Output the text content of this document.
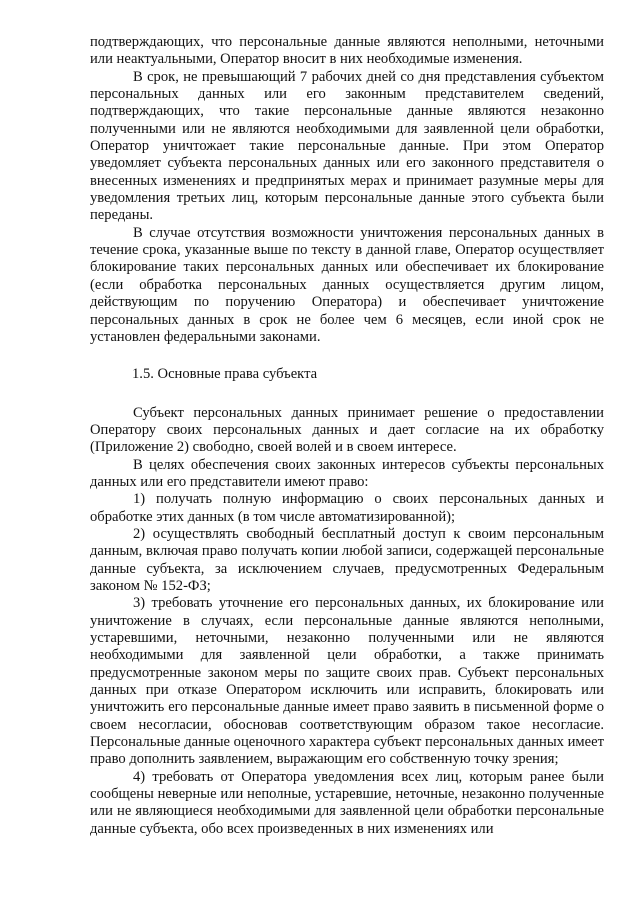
подтверждающих, что персональные данные являются неполными, неточными или неактуальными, Оператор вносит в них необходимые изменения.

В срок, не превышающий 7 рабочих дней со дня представления субъектом персональных данных или его законным представителем сведений, подтверждающих, что такие персональные данные являются незаконно полученными или не являются необходимыми для заявленной цели обработки, Оператор уничтожает такие персональные данные. При этом Оператор уведомляет субъекта персональных данных или его законного представителя о внесенных изменениях и предпринятых мерах и принимает разумные меры для уведомления третьих лиц, которым персональные данные этого субъекта были переданы.

В случае отсутствия возможности уничтожения персональных данных в течение срока, указанные выше по тексту в данной главе, Оператор осуществляет блокирование таких персональных данных или обеспечивает их блокирование (если обработка персональных данных осуществляется другим лицом, действующим по поручению Оператора) и обеспечивает уничтожение персональных данных в срок не более чем 6 месяцев, если иной срок не установлен федеральными законами.

1.5. Основные права субъекта

Субъект персональных данных принимает решение о предоставлении Оператору своих персональных данных и дает согласие на их обработку (Приложение 2) свободно, своей волей и в своем интересе.

В целях обеспечения своих законных интересов субъекты персональных данных или его представители имеют право:

1) получать полную информацию о своих персональных данных и обработке этих данных (в том числе автоматизированной);

2) осуществлять свободный бесплатный доступ к своим персональным данным, включая право получать копии любой записи, содержащей персональные данные субъекта, за исключением случаев, предусмотренных Федеральным законом № 152-ФЗ;

3) требовать уточнение его персональных данных, их блокирование или уничтожение в случаях, если персональные данные являются неполными, устаревшими, неточными, незаконно полученными или не являются необходимыми для заявленной цели обработки, а также принимать предусмотренные законом меры по защите своих прав. Субъект персональных данных при отказе Оператором исключить или исправить, блокировать или уничтожить его персональные данные имеет право заявить в письменной форме о своем несогласии, обосновав соответствующим образом такое несогласие. Персональные данные оценочного характера субъект персональных данных имеет право дополнить заявлением, выражающим его собственную точку зрения;

4) требовать от Оператора уведомления всех лиц, которым ранее были сообщены неверные или неполные, устаревшие, неточные, незаконно полученные или не являющиеся необходимыми для заявленной цели обработки персональные данные субъекта, обо всех произведенных в них изменениях или
